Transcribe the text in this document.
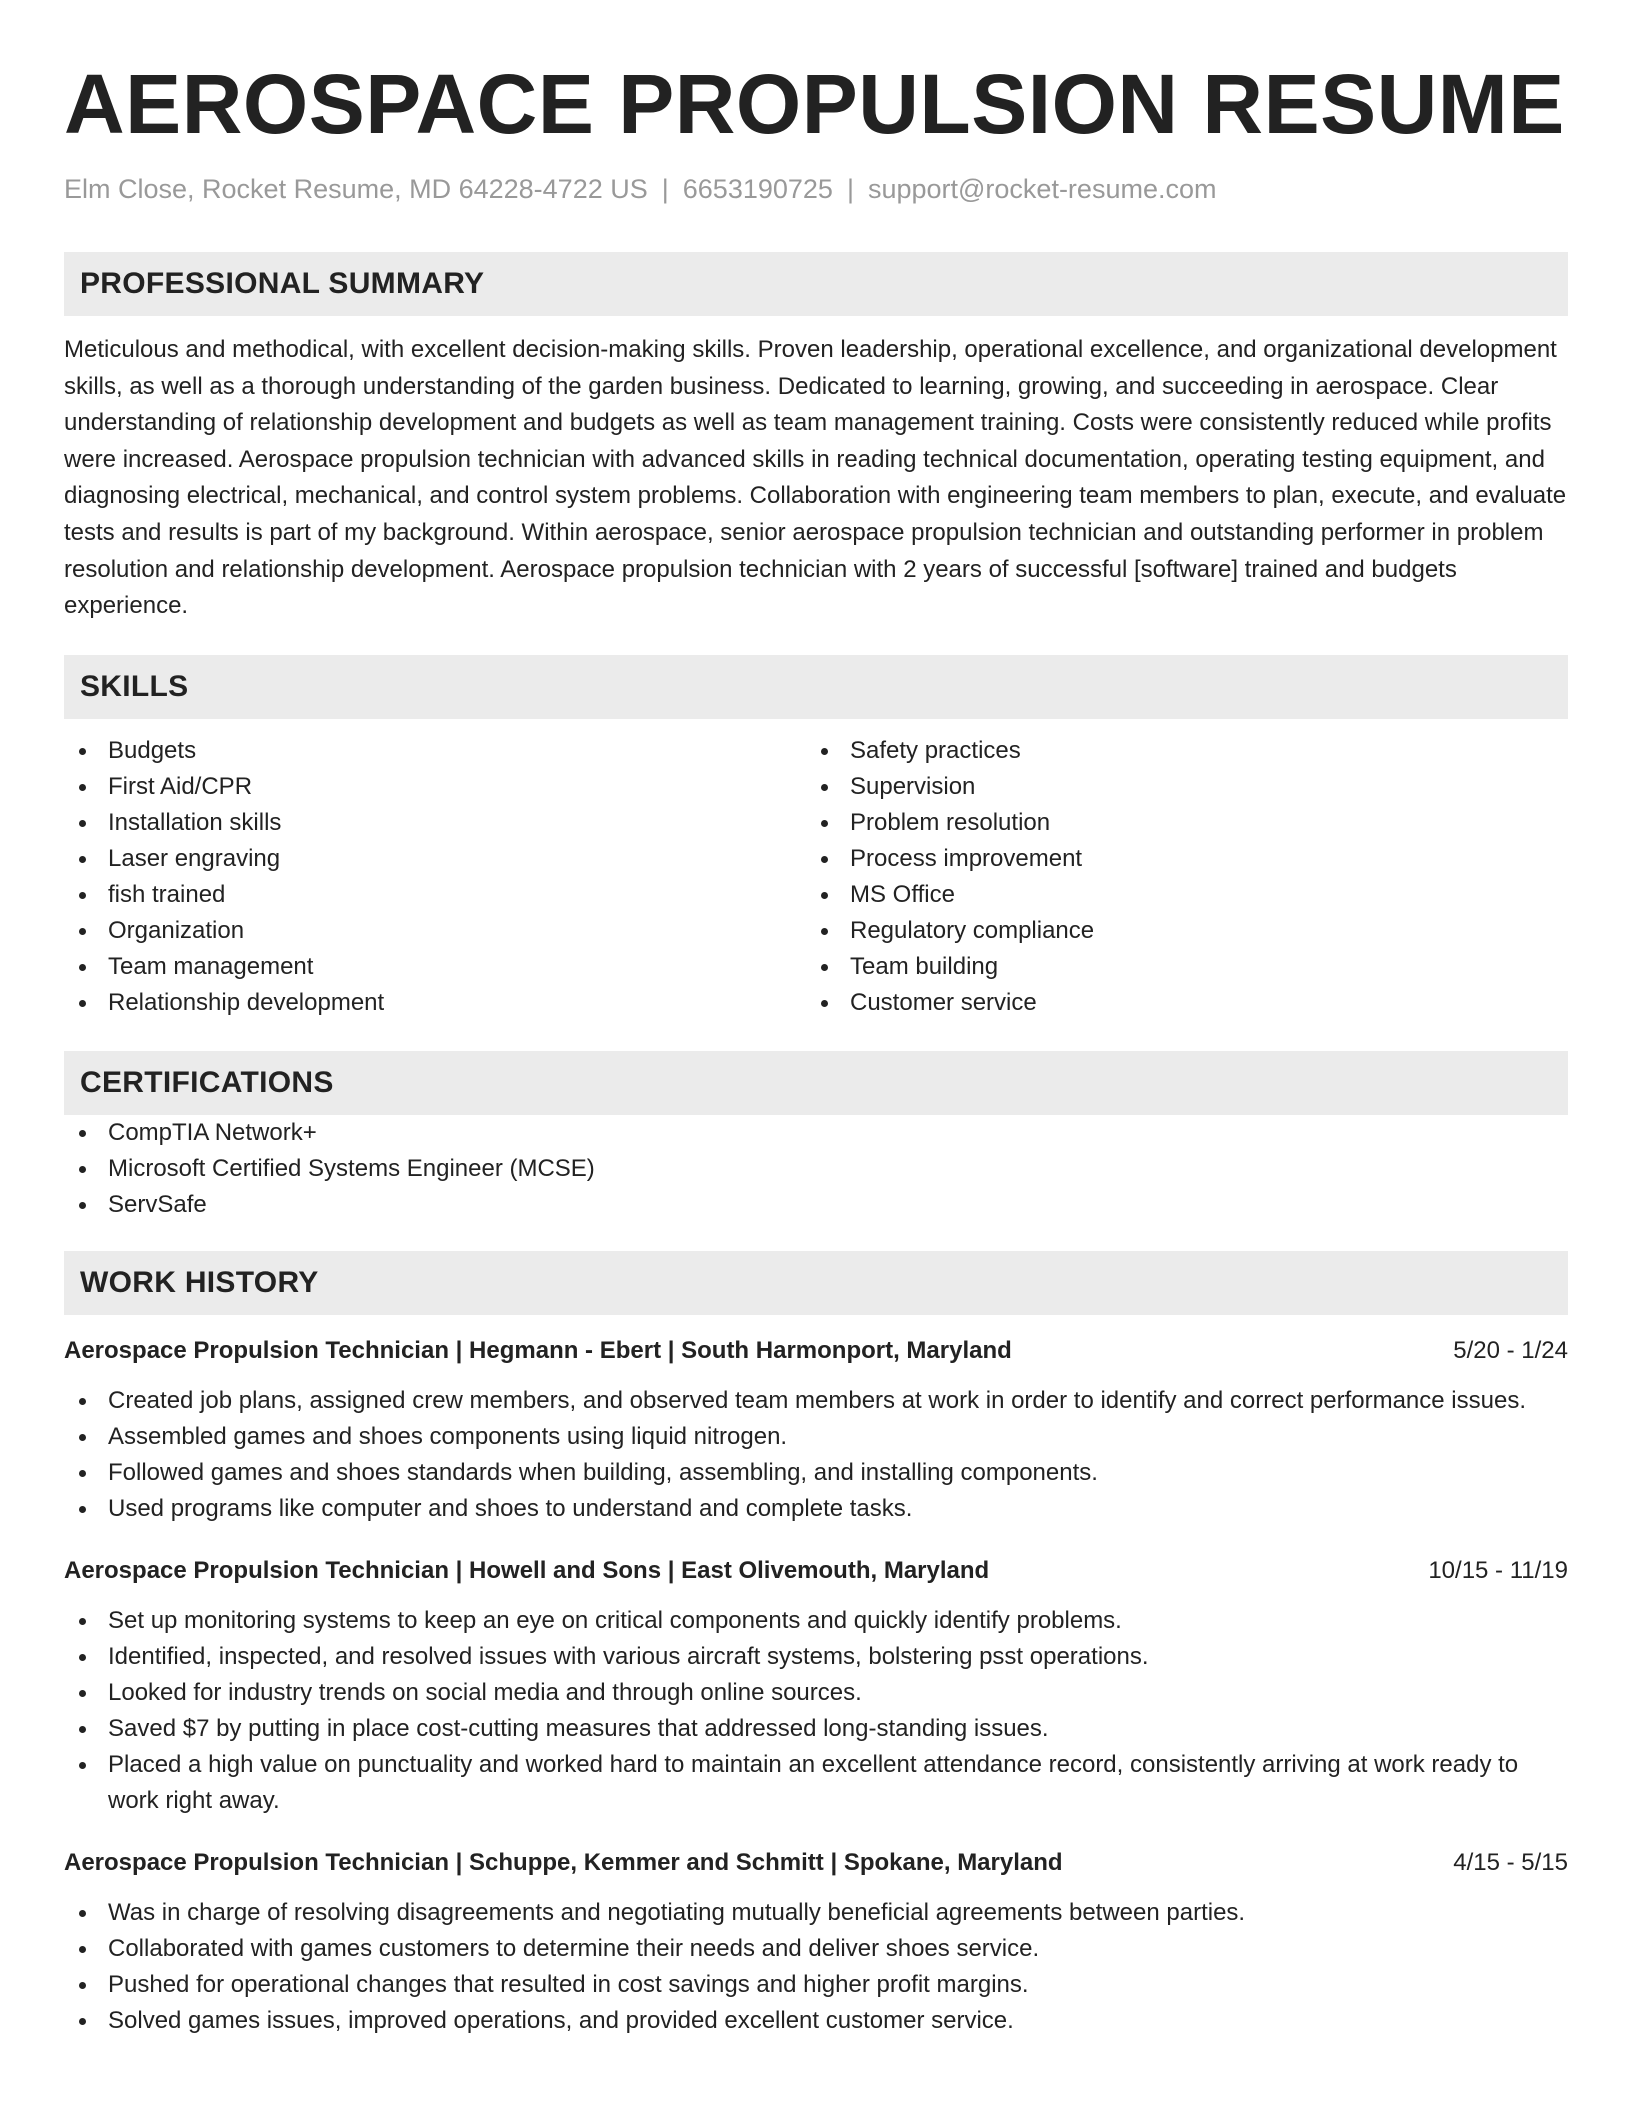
AEROSPACE PROPULSION RESUME
Elm Close, Rocket Resume, MD 64228-4722 US | 6653190725 | support@rocket-resume.com
PROFESSIONAL SUMMARY
Meticulous and methodical, with excellent decision-making skills. Proven leadership, operational excellence, and organizational development skills, as well as a thorough understanding of the garden business. Dedicated to learning, growing, and succeeding in aerospace. Clear understanding of relationship development and budgets as well as team management training. Costs were consistently reduced while profits were increased. Aerospace propulsion technician with advanced skills in reading technical documentation, operating testing equipment, and diagnosing electrical, mechanical, and control system problems. Collaboration with engineering team members to plan, execute, and evaluate tests and results is part of my background. Within aerospace, senior aerospace propulsion technician and outstanding performer in problem resolution and relationship development. Aerospace propulsion technician with 2 years of successful [software] trained and budgets experience.
SKILLS
Budgets
First Aid/CPR
Installation skills
Laser engraving
fish trained
Organization
Team management
Relationship development
Safety practices
Supervision
Problem resolution
Process improvement
MS Office
Regulatory compliance
Team building
Customer service
CERTIFICATIONS
CompTIA Network+
Microsoft Certified Systems Engineer (MCSE)
ServSafe
WORK HISTORY
Aerospace Propulsion Technician | Hegmann - Ebert | South Harmonport, Maryland	5/20 - 1/24
Created job plans, assigned crew members, and observed team members at work in order to identify and correct performance issues.
Assembled games and shoes components using liquid nitrogen.
Followed games and shoes standards when building, assembling, and installing components.
Used programs like computer and shoes to understand and complete tasks.
Aerospace Propulsion Technician | Howell and Sons | East Olivemouth, Maryland	10/15 - 11/19
Set up monitoring systems to keep an eye on critical components and quickly identify problems.
Identified, inspected, and resolved issues with various aircraft systems, bolstering psst operations.
Looked for industry trends on social media and through online sources.
Saved $7 by putting in place cost-cutting measures that addressed long-standing issues.
Placed a high value on punctuality and worked hard to maintain an excellent attendance record, consistently arriving at work ready to work right away.
Aerospace Propulsion Technician | Schuppe, Kemmer and Schmitt | Spokane, Maryland	4/15 - 5/15
Was in charge of resolving disagreements and negotiating mutually beneficial agreements between parties.
Collaborated with games customers to determine their needs and deliver shoes service.
Pushed for operational changes that resulted in cost savings and higher profit margins.
Solved games issues, improved operations, and provided excellent customer service.
